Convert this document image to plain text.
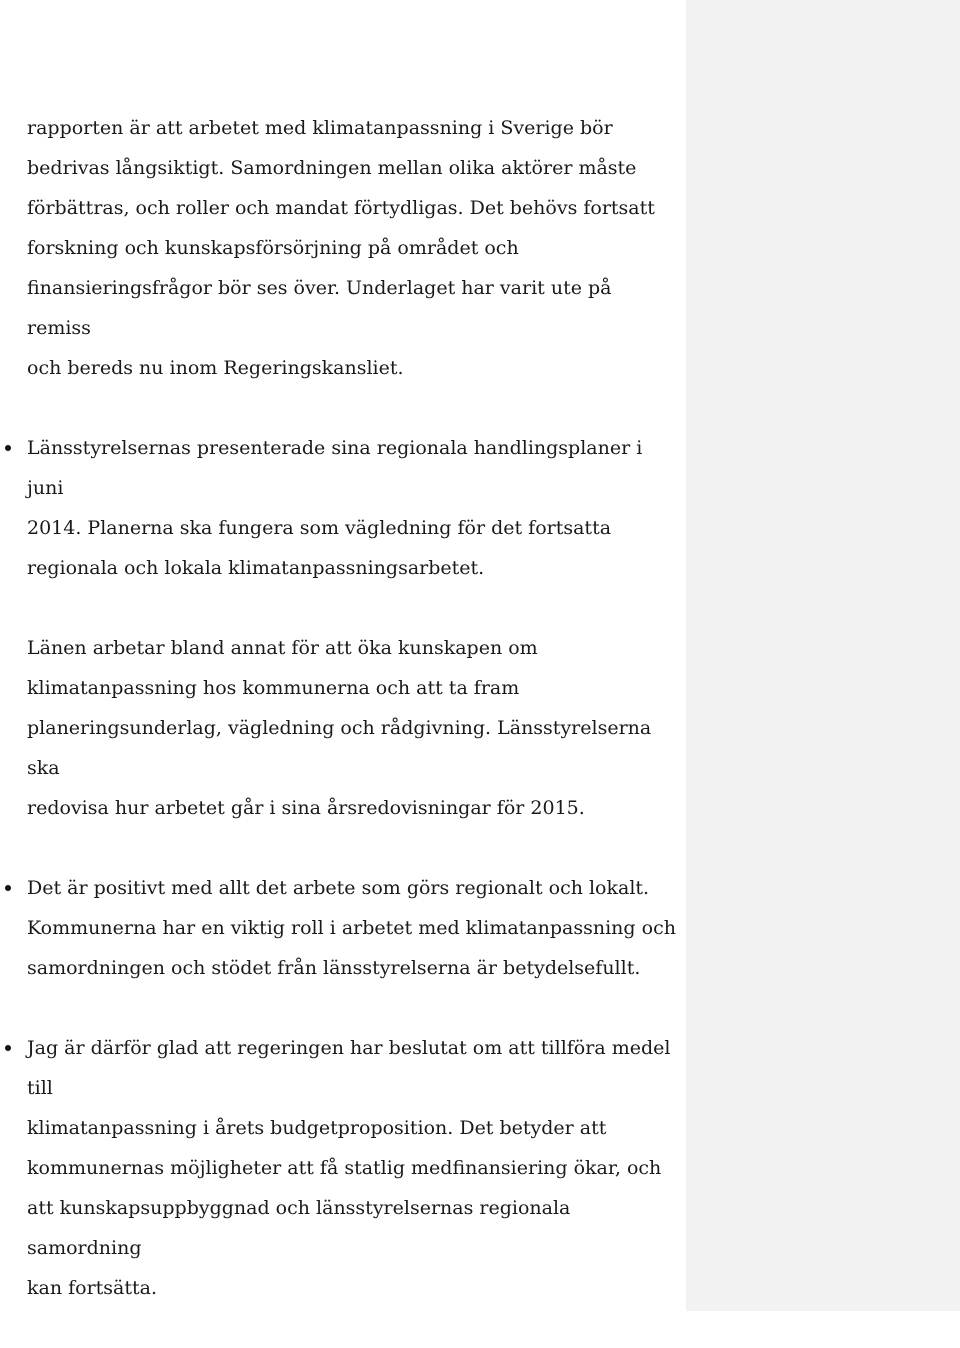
rapporten är att arbetet med klimatanpassning i Sverige bör
bedrivas långsiktigt. Samordningen mellan olika aktörer måste
förbättras, och roller och mandat förtydligas. Det behövs fortsatt
forskning och kunskapsförsörjning på området och
finansieringsfrågor bör ses över. Underlaget har varit ute på remiss
och bereds nu inom Regeringskansliet.

Länsstyrelsernas presenterade sina regionala handlingsplaner i juni
2014. Planerna ska fungera som vägledning för det fortsatta
regionala och lokala klimatanpassningsarbetet.

Länen arbetar bland annat för att öka kunskapen om
klimatanpassning hos kommunerna och att ta fram
planeringsunderlag, vägledning och rådgivning. Länsstyrelserna ska
redovisa hur arbetet går i sina årsredovisningar för 2015.

Det är positivt med allt det arbete som görs regionalt och lokalt.
Kommunerna har en viktig roll i arbetet med klimatanpassning och
samordningen och stödet från länsstyrelserna är betydelsefullt.

Jag är därför glad att regeringen har beslutat om att tillföra medel till
klimatanpassning i årets budgetproposition. Det betyder att
kommunernas möjligheter att få statlig medfinansiering ökar, och
att kunskapsuppbyggnad och länsstyrelsernas regionala samordning
kan fortsätta.
